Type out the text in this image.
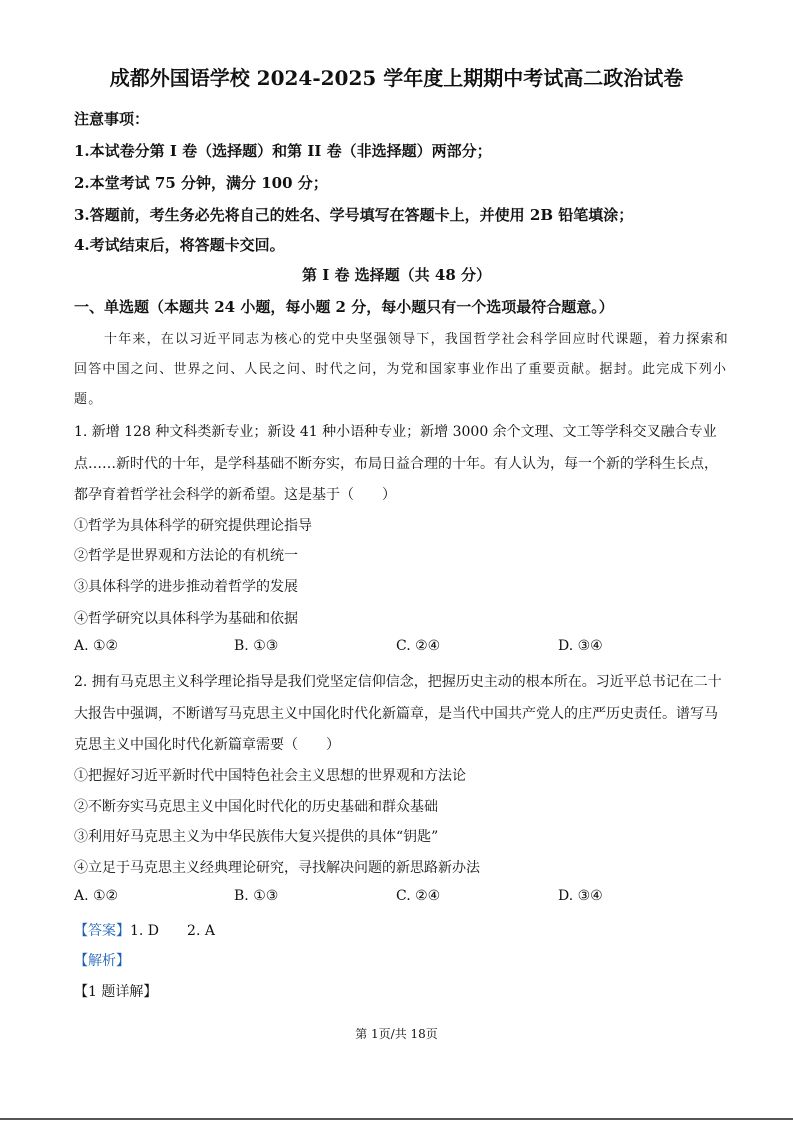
成都外国语学校 2024-2025 学年度上期期中考试高二政治试卷
注意事项：
1.本试卷分第 I 卷（选择题）和第 II 卷（非选择题）两部分；
2.本堂考试 75 分钟，满分 100 分；
3.答题前，考生务必先将自己的姓名、学号填写在答题卡上，并使用 2B 铅笔填涂；
4.考试结束后，将答题卡交回。
第 I 卷 选择题（共 48 分）
一、单选题（本题共 24 小题，每小题 2 分，每小题只有一个选项最符合题意。）
十年来，在以习近平同志为核心的党中央坚强领导下，我国哲学社会科学回应时代课题，着力探索和
回答中国之问、世界之问、人民之问、时代之问，为党和国家事业作出了重要贡献。据封。此完成下列小
题。
1. 新增 128 种文科类新专业；新设 41 种小语种专业；新增 3000 余个文理、文工等学科交叉融合专业
点……新时代的十年，是学科基础不断夯实，布局日益合理的十年。有人认为，每一个新的学科生长点，
都孕育着哲学社会科学的新希望。这是基于（　　）
①哲学为具体科学的研究提供理论指导
②哲学是世界观和方法论的有机统一
③具体科学的进步推动着哲学的发展
④哲学研究以具体科学为基础和依据
A. ①②	B. ①③	C. ②④	D. ③④
2. 拥有马克思主义科学理论指导是我们党坚定信仰信念，把握历史主动的根本所在。习近平总书记在二十
大报告中强调，不断谱写马克思主义中国化时代化新篇章，是当代中国共产党人的庄严历史责任。谱写马
克思主义中国化时代化新篇章需要（　　）
①把握好习近平新时代中国特色社会主义思想的世界观和方法论
②不断夯实马克思主义中国化时代化的历史基础和群众基础
③利用好马克思主义为中华民族伟大复兴提供的具体“钥匙”
④立足于马克思主义经典理论研究，寻找解决问题的新思路新办法
A. ①②	B. ①③	C. ②④	D. ③④
【答案】1. D　　2. A
【解析】
【1 题详解】
第 1页/共 18页
